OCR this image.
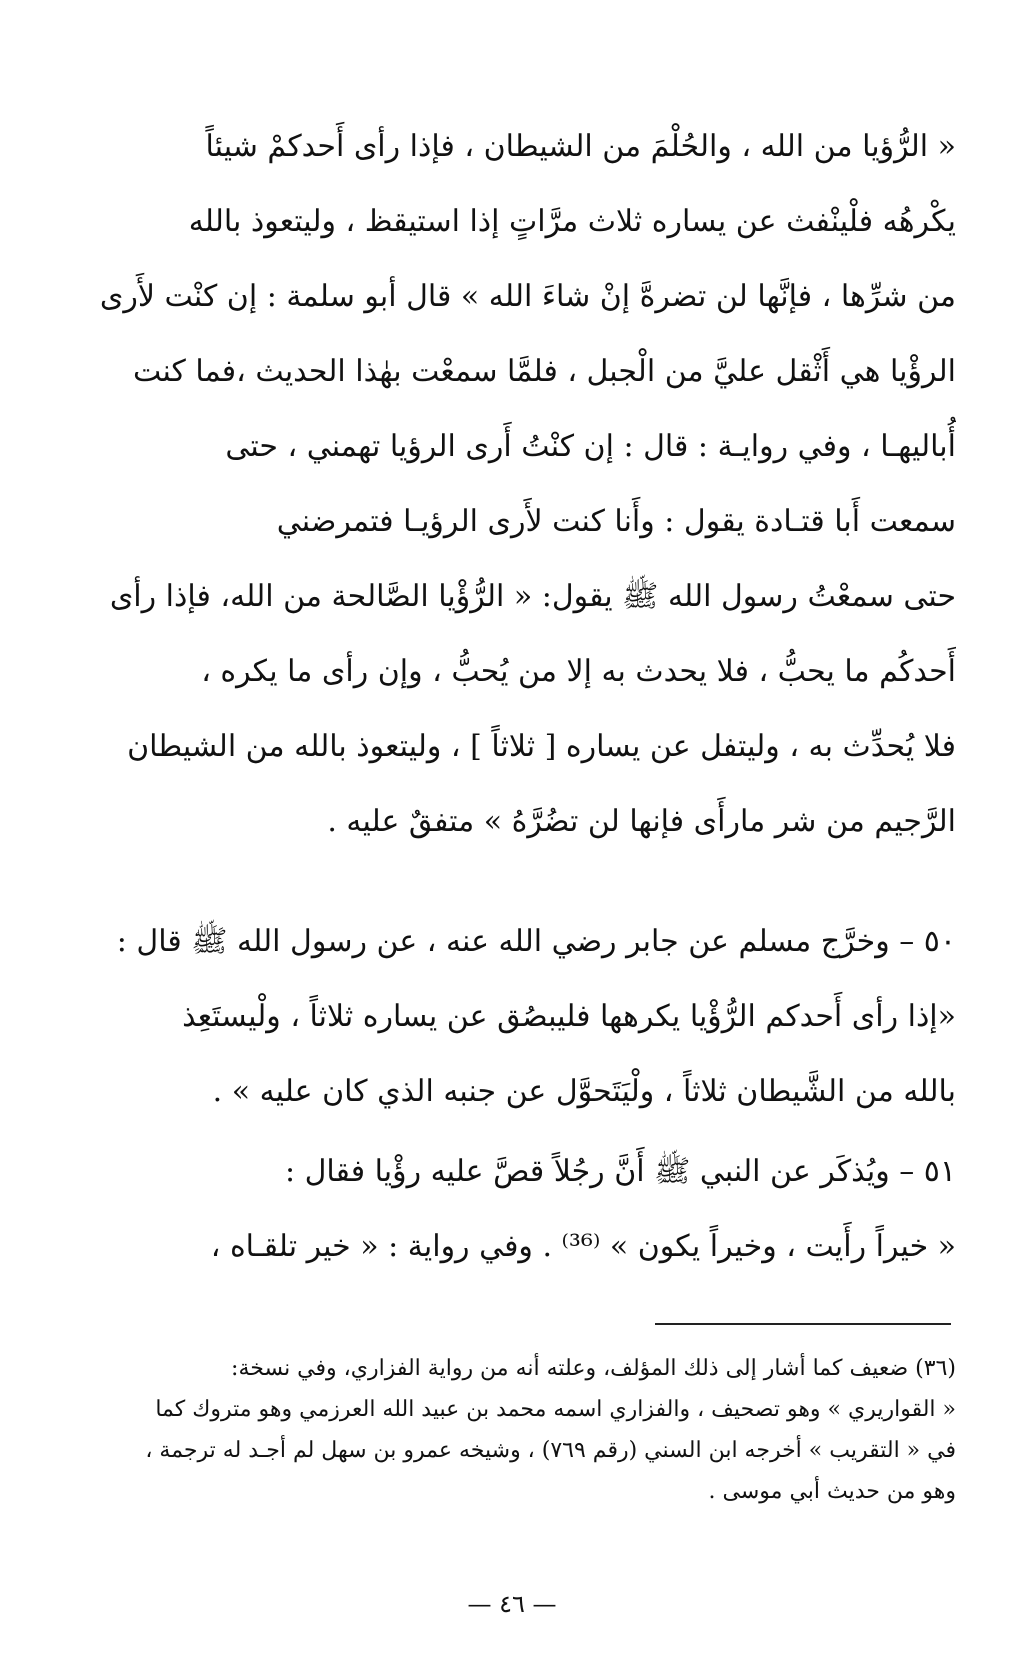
« الرُّؤيا من الله ، والحُلْمَ من الشيطان ، فإذا رأى أَحدكمْ شيئاً
يكْرهُه فلْينْفث عن يساره ثلاث مرَّاتٍ إذا استيقظ ، وليتعوذ بالله
من شرِّها ، فإنَّها لن تضرهَّ إنْ شاءَ الله » قال أبو سلمة : إن كنْت لأَرى
الرؤْيا هي أَثْقل عليَّ من الْجبل ، فلمَّا سمعْت بهٰذا الحديث ،فما كنت
أُباليهـا ، وفي روايـة : قال : إن كنْتُ أَرى الرؤيا تهمني ، حتى
سمعت أَبا قتـادة يقول : وأَنا كنت لأَرى الرؤيـا فتمرضني
حتى سمعْتُ رسول الله ﷺ يقول: « الرُّؤْيا الصَّالحة من الله، فإذا رأى
أَحدكُم ما يحبُّ ، فلا يحدث به إلا من يُحبُّ ، وإن رأى ما يكره ،
فلا يُحدِّث به ، وليتفل عن يساره [ ثلاثاً ] ، وليتعوذ بالله من الشيطان
الرَّجيم من شر مارأَى فإنها لن تضُرَّهُ » متفقٌ عليه .
٥٠ – وخرَّج مسلم عن جابر رضي الله عنه ، عن رسول الله ﷺ قال :
«إذا رأى أَحدكم الرُّؤْيا يكرهها فليبصُق عن يساره ثلاثاً ، ولْيستَعِذ
بالله من الشَّيطان ثلاثاً ، ولْيَتَحوَّل عن جنبه الذي كان عليه » .
٥١ – ويُذكَر عن النبي ﷺ أَنَّ رجُلاً قصَّ عليه رؤْيا فقال :
« خيراً رأَيت ، وخيراً يكون » ⁽³⁶⁾ . وفي رواية : « خير تلقـاه ،
(٣٦) ضعيف كما أشار إلى ذلك المؤلف، وعلته أنه من رواية الفزاري، وفي نسخة:
« القواريري » وهو تصحيف ، والفزاري اسمه محمد بن عبيد الله العرزمي وهو متروك كما
في « التقريب » أخرجه ابن السني (رقم ٧٦٩) ، وشيخه عمرو بن سهل لم أجـد له ترجمة ،
وهو من حديث أبي موسى .
— ٤٦ —
